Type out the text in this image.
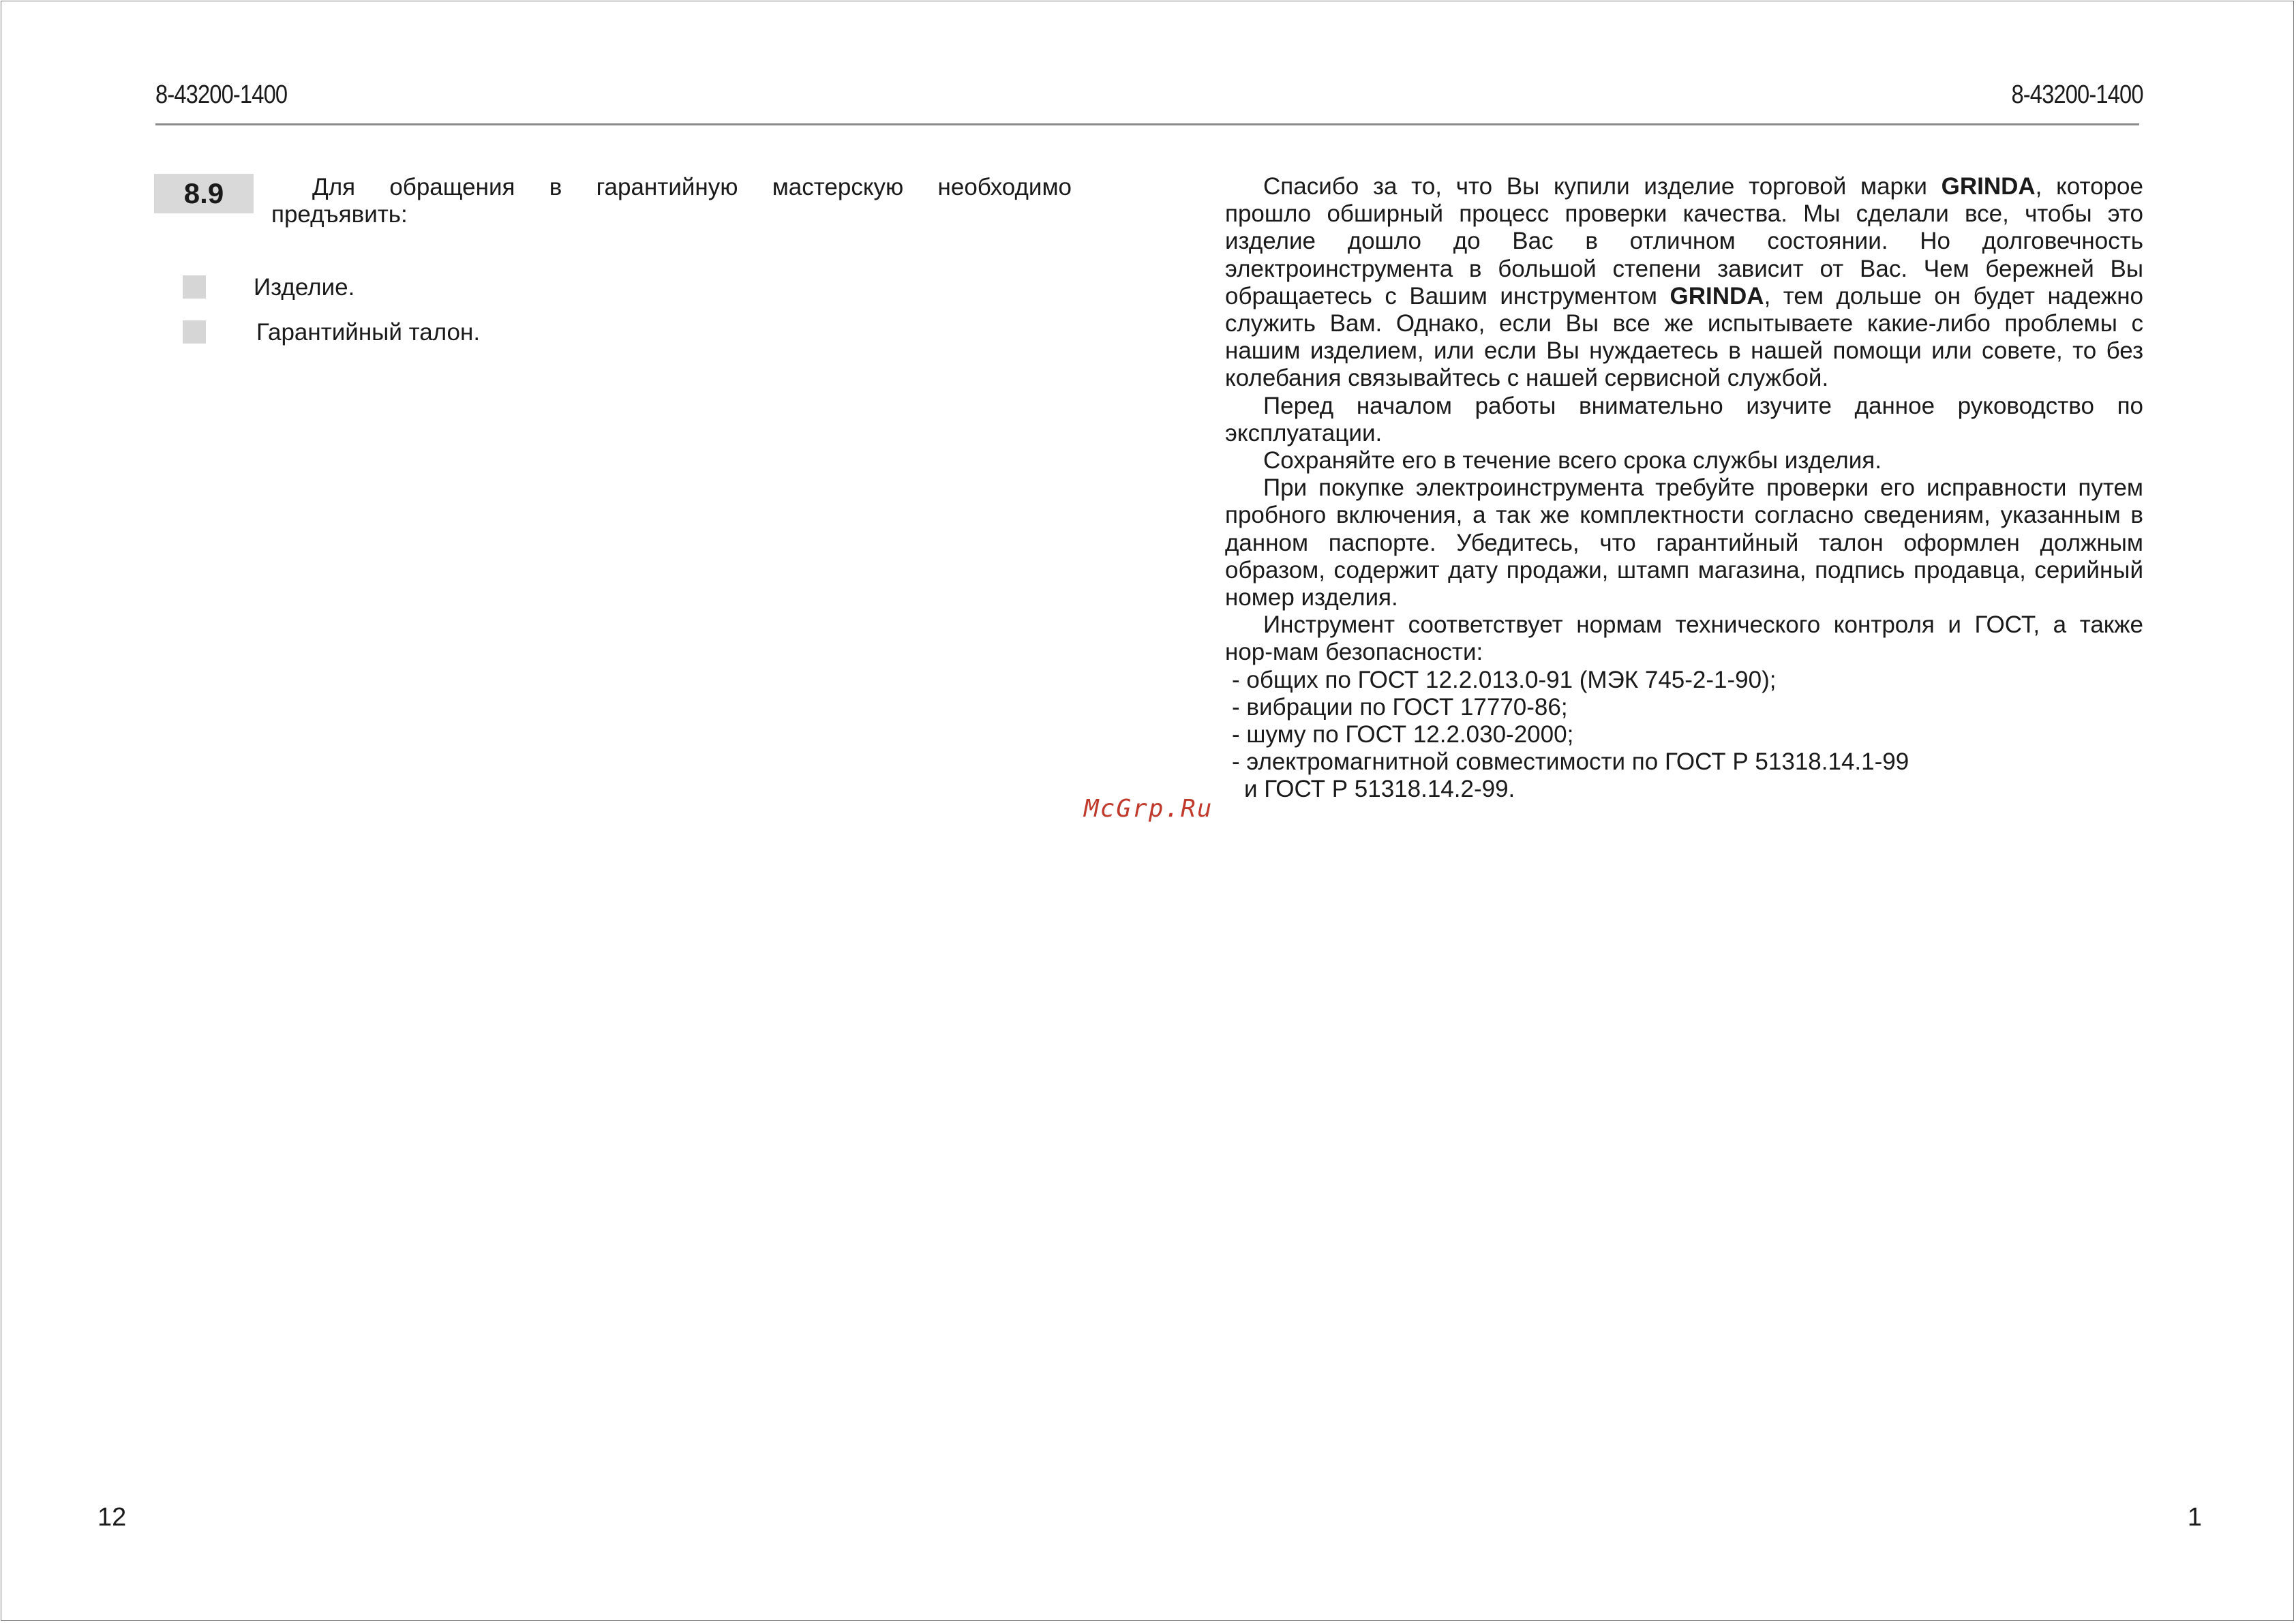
8-43200-1400	8-43200-1400
8.9	Для обращения в гарантийную мастерскую необходимо
предъявить:
Изделие.
Гарантийный талон.
12

Спасибо за то, что Вы купили изделие торговой марки GRINDA, которое прошло обширный процесс проверки качества. Мы сделали все, чтобы это изделие дошло до Вас в отличном состоянии. Но долговечность электроинструмента в большой степени зависит от Вас. Чем бережней Вы обращаетесь с Вашим инструментом GRINDA, тем дольше он будет надежно служить Вам. Однако, если Вы все же испытываете какие-либо проблемы с нашим изделием, или если Вы нуждаетесь в нашей помощи или совете, то без колебания связывайтесь с нашей сервисной службой.

Перед началом работы внимательно изучите данное руководство по эксплуатации.

Сохраняйте его в течение всего срока службы изделия.

При покупке электроинструмента требуйте проверки его исправности путем пробного включения, а так же комплектности согласно сведениям, указанным в данном паспорте. Убедитесь, что гарантийный талон оформлен должным образом, содержит дату продажи, штамп магазина, подпись продавца, серийный номер изделия.

Инструмент соответствует нормам технического контроля и ГОСТ, а также нор-мам безопасности:

- общих по ГОСТ 12.2.013.0-91 (МЭК 745-2-1-90);
- вибрации по ГОСТ 17770-86;
- шуму по ГОСТ 12.2.030-2000;
- электромагнитной совместимости по ГОСТ Р 51318.14.1-99
и ГОСТ Р 51318.14.2-99.
McGrp.Ru
1
